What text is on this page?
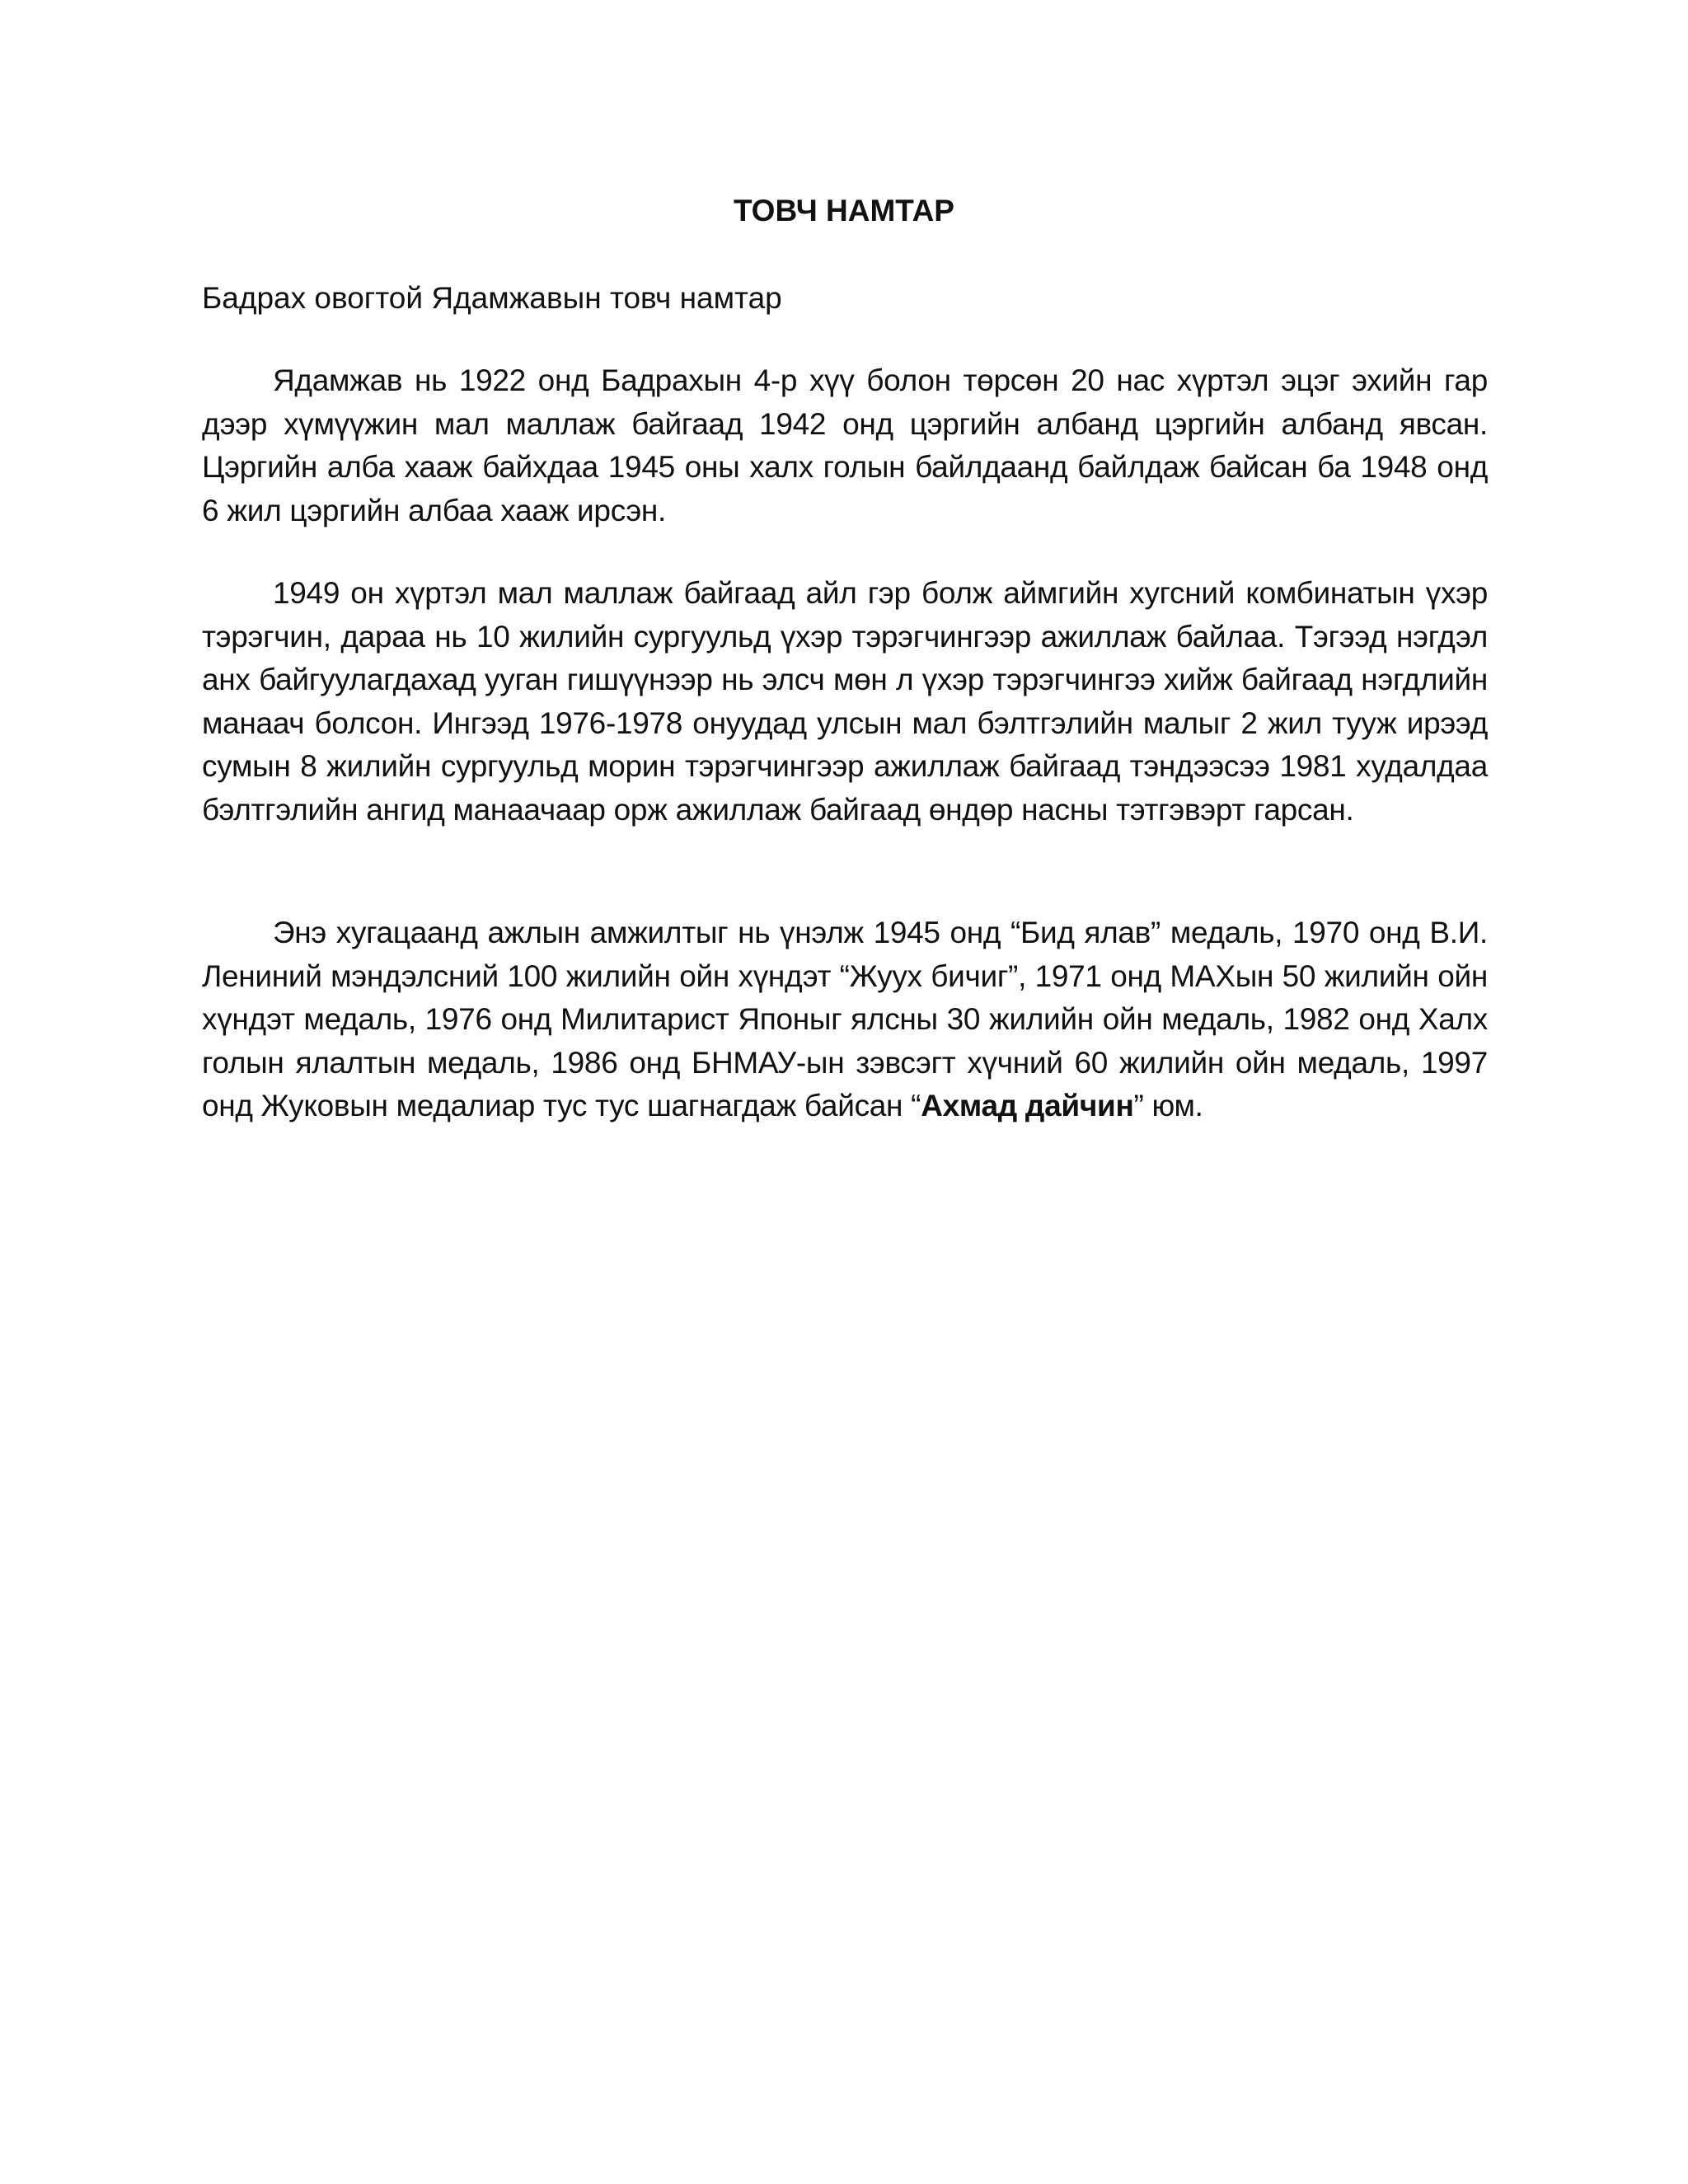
ТОВЧ НАМТАР

Бадрах овогтой Ядамжавын товч намтар

Ядамжав нь 1922 онд Бадрахын 4-р хүү болон төрсөн 20 нас хүртэл эцэг эхийн гар дээр хүмүүжин мал маллаж байгаад 1942 онд цэргийн албанд цэргийн албанд явсан. Цэргийн алба хааж байхдаа 1945 оны халх голын байлдаанд байлдаж байсан ба 1948 онд 6 жил цэргийн албаа хааж ирсэн.

1949 он хүртэл мал маллаж байгаад айл гэр болж аймгийн хугсний комбинатын үхэр тэрэгчин, дараа нь 10 жилийн сургуульд үхэр тэрэгчингээр ажиллаж байлаа. Тэгээд нэгдэл анх байгуулагдахад ууган гишүүнээр нь элсч мөн л үхэр тэрэгчингээ хийж байгаад нэгдлийн манаач болсон. Ингээд 1976-1978 онуудад улсын мал бэлтгэлийн малыг 2 жил тууж ирээд сумын 8 жилийн сургуульд морин тэрэгчингээр ажиллаж байгаад тэндээсээ 1981 худалдаа бэлтгэлийн ангид манаачаар орж ажиллаж байгаад өндөр насны тэтгэвэрт гарсан.

Энэ хугацаанд ажлын амжилтыг нь үнэлж 1945 онд “Бид ялав” медаль, 1970 онд В.И. Лениний мэндэлсний 100 жилийн ойн хүндэт “Жуух бичиг”, 1971 онд МАХын 50 жилийн ойн хүндэт медаль, 1976 онд Милитарист Японыг ялсны 30 жилийн ойн медаль, 1982 онд Халх голын ялалтын медаль, 1986 онд БНМАУ-ын зэвсэгт хүчний 60 жилийн ойн медаль, 1997 онд Жуковын медалиар тус тус шагнагдаж байсан “Ахмад дайчин” юм.
